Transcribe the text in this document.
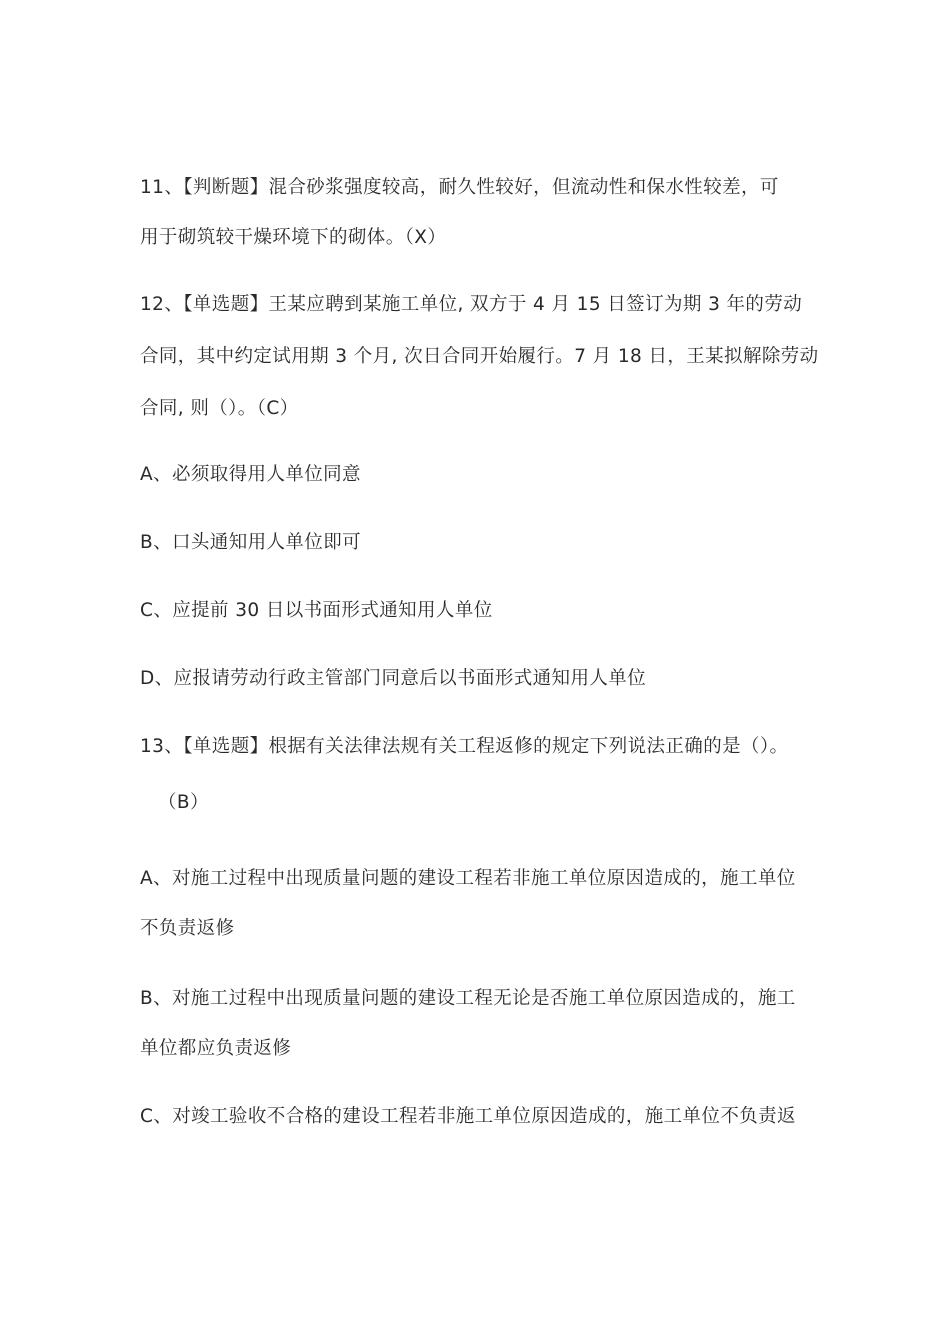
11、【判断题】混合砂浆强度较高，耐久性较好，但流动性和保水性较差，可
用于砌筑较干燥环境下的砌体。（X）
12、【单选题】王某应聘到某施工单位, 双方于 4 月 15 日签订为期 3 年的劳动
合同，其中约定试用期 3 个月, 次日合同开始履行。7 月 18 日，王某拟解除劳动
合同, 则（）。（C）
A、必须取得用人单位同意
B、口头通知用人单位即可
C、应提前 30 日以书面形式通知用人单位
D、应报请劳动行政主管部门同意后以书面形式通知用人单位
13、【单选题】根据有关法律法规有关工程返修的规定下列说法正确的是（）。
（B）
A、对施工过程中出现质量问题的建设工程若非施工单位原因造成的，施工单位
不负责返修
B、对施工过程中出现质量问题的建设工程无论是否施工单位原因造成的，施工
单位都应负责返修
C、对竣工验收不合格的建设工程若非施工单位原因造成的，施工单位不负责返
